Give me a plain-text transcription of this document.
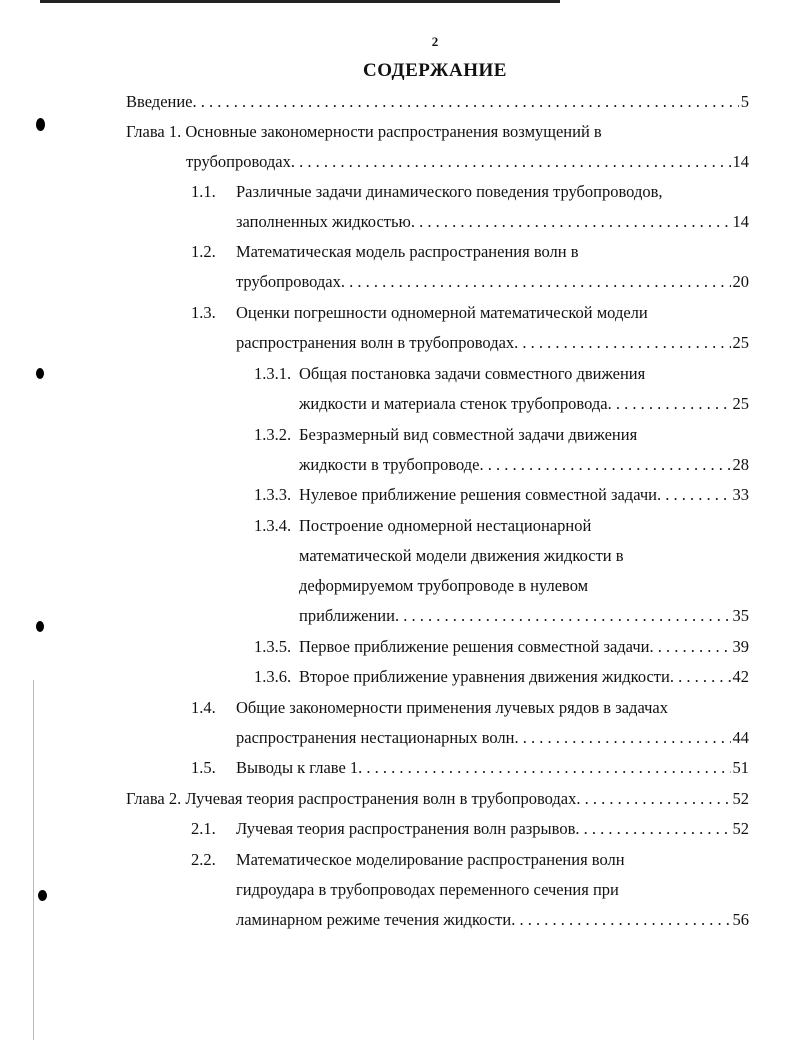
2
СОДЕРЖАНИЕ
Введение . . .	5
Глава 1. Основные закономерности распространения возмущений в
трубопроводах . . .	14
1.1. Различные задачи динамического поведения трубопроводов,
заполненных жидкостью . . .	14
1.2. Математическая модель распространения волн в
трубопроводах . . .	20
1.3. Оценки погрешности одномерной математической модели
распространения волн в трубопроводах . . .	25
1.3.1. Общая постановка задачи совместного движения
жидкости и материала стенок трубопровода . . .	25
1.3.2. Безразмерный вид совместной задачи движения
жидкости в трубопроводе . . .	28
1.3.3. Нулевое приближение решения совместной задачи . . .	33
1.3.4. Построение одномерной нестационарной
математической модели движения жидкости в
деформируемом трубопроводе в нулевом
приближении . . .	35
1.3.5. Первое приближение решения совместной задачи . . .	39
1.3.6. Второе приближение уравнения движения жидкости . . .	42
1.4. Общие закономерности применения лучевых рядов в задачах
распространения нестационарных волн . . .	44
1.5. Выводы к главе 1 . . .	51
Глава 2. Лучевая теория распространения волн в трубопроводах . . .	52
2.1. Лучевая теория распространения волн разрывов . . .	52
2.2. Математическое моделирование распространения волн
гидроудара в трубопроводах переменного сечения при
ламинарном режиме течения жидкости . . .	56
